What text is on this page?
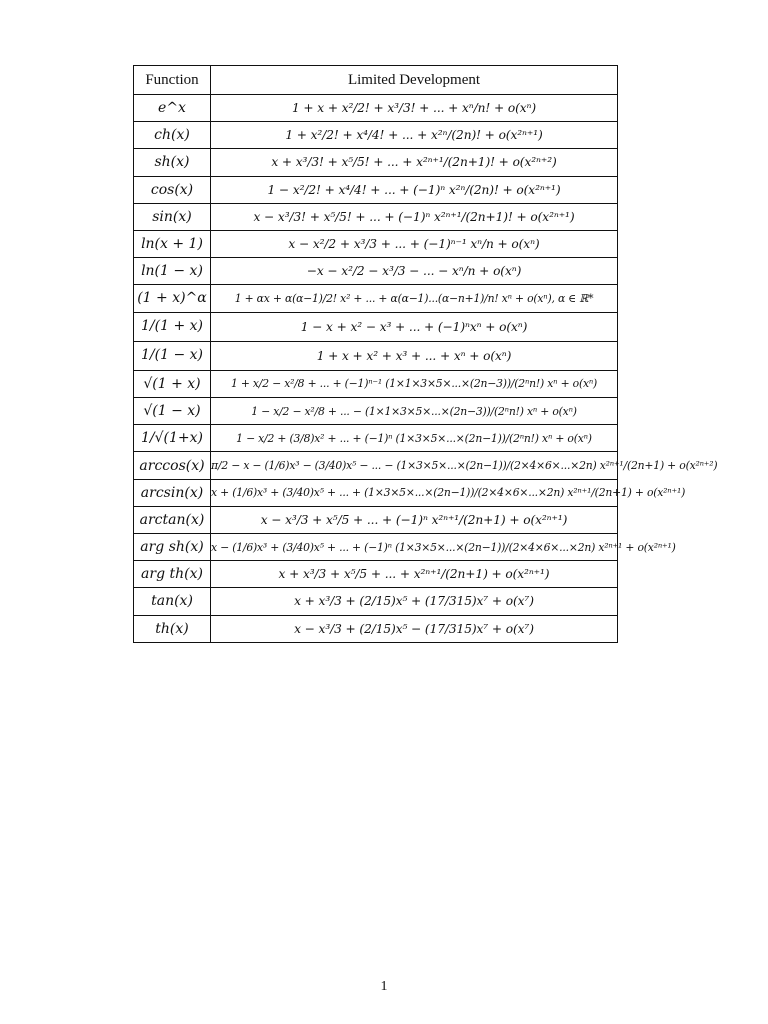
Function	Limited Development
e^x	1 + x + x²/2! + x³/3! + ... + xⁿ/n! + o(xⁿ)
ch(x)	1 + x²/2! + x⁴/4! + ... + x²ⁿ/(2n)! + o(x²ⁿ⁺¹)
sh(x)	x + x³/3! + x⁵/5! + ... + x²ⁿ⁺¹/(2n+1)! + o(x²ⁿ⁺²)
cos(x)	1 − x²/2! + x⁴/4! + ... + (−1)ⁿ x²ⁿ/(2n)! + o(x²ⁿ⁺¹)
sin(x)	x − x³/3! + x⁵/5! + ... + (−1)ⁿ x²ⁿ⁺¹/(2n+1)! + o(x²ⁿ⁺¹)
ln(x + 1)	x − x²/2 + x³/3 + ... + (−1)ⁿ⁻¹ xⁿ/n + o(xⁿ)
ln(1 − x)	−x − x²/2 − x³/3 − ... − xⁿ/n + o(xⁿ)
(1 + x)^α	1 + αx + α(α−1)/2! x² + ... + α(α−1)...(α−n+1)/n! xⁿ + o(xⁿ), α ∈ ℝ*
1/(1 + x)	1 − x + x² − x³ + ... + (−1)ⁿxⁿ + o(xⁿ)
1/(1 − x)	1 + x + x² + x³ + ... + xⁿ + o(xⁿ)
√(1 + x)	1 + x/2 − x²/8 + ... + (−1)ⁿ⁻¹ (1×1×3×5×...×(2n−3))/(2ⁿn!) xⁿ + o(xⁿ)
√(1 − x)	1 − x/2 − x²/8 + ... − (1×1×3×5×...×(2n−3))/(2ⁿn!) xⁿ + o(xⁿ)
1/√(1+x)	1 − x/2 + (3/8)x² + ... + (−1)ⁿ (1×3×5×...×(2n−1))/(2ⁿn!) xⁿ + o(xⁿ)
arccos(x)	π/2 − x − (1/6)x³ − (3/40)x⁵ − ... − (1×3×5×...×(2n−1))/(2×4×6×...×2n) x²ⁿ⁺¹/(2n+1) + o(x²ⁿ⁺²)
arcsin(x)	x + (1/6)x³ + (3/40)x⁵ + ... + (1×3×5×...×(2n−1))/(2×4×6×...×2n) x²ⁿ⁺¹/(2n+1) + o(x²ⁿ⁺¹)
arctan(x)	x − x³/3 + x⁵/5 + ... + (−1)ⁿ x²ⁿ⁺¹/(2n+1) + o(x²ⁿ⁺¹)
arg sh(x)	x − (1/6)x³ + (3/40)x⁵ + ... + (−1)ⁿ (1×3×5×...×(2n−1))/(2×4×6×...×2n) x²ⁿ⁺¹ + o(x²ⁿ⁺¹)
arg th(x)	x + x³/3 + x⁵/5 + ... + x²ⁿ⁺¹/(2n+1) + o(x²ⁿ⁺¹)
tan(x)	x + x³/3 + (2/15)x⁵ + (17/315)x⁷ + o(x⁷)
th(x)	x − x³/3 + (2/15)x⁵ − (17/315)x⁷ + o(x⁷)
1
